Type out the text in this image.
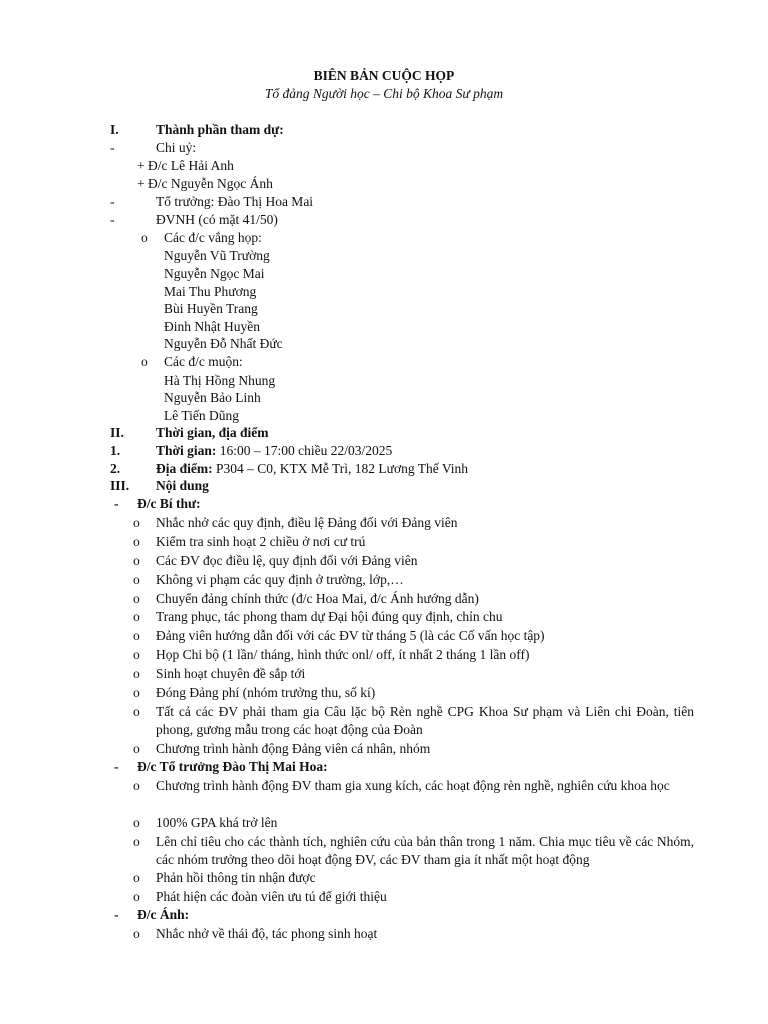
BIÊN BẢN CUỘC HỌP
Tổ đảng Người học – Chi bộ Khoa Sư phạm
I.	Thành phần tham dự:
-	Chi uỷ:
+ Đ/c Lê Hải Anh
+ Đ/c Nguyễn Ngọc Ánh
-	Tổ trưởng: Đào Thị Hoa Mai
-	ĐVNH (có mặt 41/50)
o Các đ/c vắng họp:
Nguyễn Vũ Trường
Nguyễn Ngọc Mai
Mai Thu Phương
Bùi Huyền Trang
Đinh Nhật Huyền
Nguyễn Đỗ Nhất Đức
o Các đ/c muộn:
Hà Thị Hồng Nhung
Nguyễn Bảo Linh
Lê Tiến Dũng
II. Thời gian, địa điểm
1.	Thời gian: 16:00 – 17:00 chiều 22/03/2025
2.	Địa điểm: P304 – C0, KTX Mễ Trì, 182 Lương Thế Vinh
III. Nội dung
- Đ/c Bí thư:
o Nhắc nhở các quy định, điều lệ Đảng đối với Đảng viên
o Kiểm tra sinh hoạt 2 chiều ở nơi cư trú
o Các ĐV đọc điều lệ, quy định đối với Đảng viên
o Không vi phạm các quy định ở trường, lớp,…
o Chuyển đảng chính thức (đ/c Hoa Mai, đ/c Ánh hướng dẫn)
o Trang phục, tác phong tham dự Đại hội đúng quy định, chỉn chu
o Đảng viên hướng dẫn đối với các ĐV từ tháng 5 (là các Cố vấn học tập)
o Họp Chi bộ (1 lần/ tháng, hình thức onl/ off, ít nhất 2 tháng 1 lần off)
o Sinh hoạt chuyên đề sắp tới
o Đóng Đảng phí (nhóm trưởng thu, số kí)
o Tất cả các ĐV phải tham gia Câu lặc bộ Rèn nghề CPG Khoa Sư phạm và Liên chi Đoàn, tiên phong, gương mẫu trong các hoạt động của Đoàn
o Chương trình hành động Đảng viên cá nhân, nhóm
- Đ/c Tổ trưởng Đào Thị Mai Hoa:
o Chương trình hành động ĐV tham gia xung kích, các hoạt động rèn nghề, nghiên cứu khoa học
o 100% GPA khá trở lên
o Lên chỉ tiêu cho các thành tích, nghiên cứu của bản thân trong 1 năm. Chia mục tiêu về các Nhóm, các nhóm trưởng theo dõi hoạt động ĐV, các ĐV tham gia ít nhất một hoạt động
o Phản hồi thông tin nhận được
o Phát hiện các đoàn viên ưu tú để giới thiệu
- Đ/c Ánh:
o Nhắc nhở về thái độ, tác phong sinh hoạt
